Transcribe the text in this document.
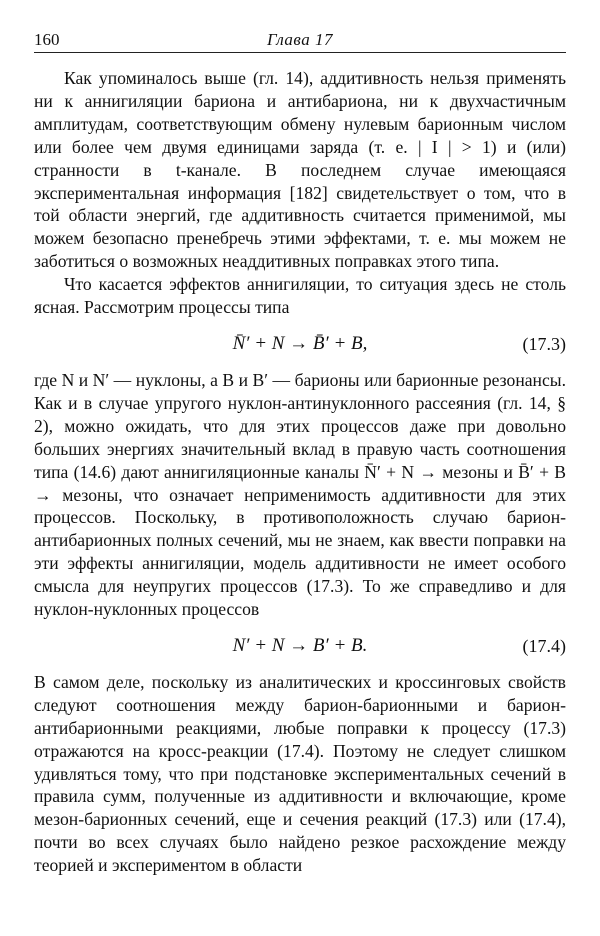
160	Глава 17

Как упоминалось выше (гл. 14), аддитивность нельзя применять ни к аннигиляции бариона и антибариона, ни к двухчастичным амплитудам, соответствующим обмену нулевым барионным числом или более чем двумя единицами заряда (т. е. | I | > 1) и (или) странности в t-канале. В последнем случае имеющаяся экспериментальная информация [182] свидетельствует о том, что в той области энергий, где аддитивность считается применимой, мы можем безопасно пренебречь этими эффектами, т. е. мы можем не заботиться о возможных неаддитивных поправках этого типа.

Что касается эффектов аннигиляции, то ситуация здесь не столь ясная. Рассмотрим процессы типа

N̄′ + N → B̄′ + B,	(17.3)

где N и N′ — нуклоны, а B и B′ — барионы или барионные резонансы. Как и в случае упругого нуклон-антинуклонного рассеяния (гл. 14, § 2), можно ожидать, что для этих процессов даже при довольно больших энергиях значительный вклад в правую часть соотношения типа (14.6) дают аннигиляционные каналы N̄′ + N → мезоны и B̄′ + B → мезоны, что означает неприменимость аддитивности для этих процессов. Поскольку, в противоположность случаю барион-антибарионных полных сечений, мы не знаем, как ввести поправки на эти эффекты аннигиляции, модель аддитивности не имеет особого смысла для неупругих процессов (17.3). То же справедливо и для нуклон-нуклонных процессов

N′ + N → B′ + B.	(17.4)

В самом деле, поскольку из аналитических и кроссинговых свойств следуют соотношения между барион-барионными и барион-антибарионными реакциями, любые поправки к процессу (17.3) отражаются на кросс-реакции (17.4). Поэтому не следует слишком удивляться тому, что при подстановке экспериментальных сечений в правила сумм, полученные из аддитивности и включающие, кроме мезон-барионных сечений, еще и сечения реакций (17.3) или (17.4), почти во всех случаях было найдено резкое расхождение между теорией и экспериментом в области
